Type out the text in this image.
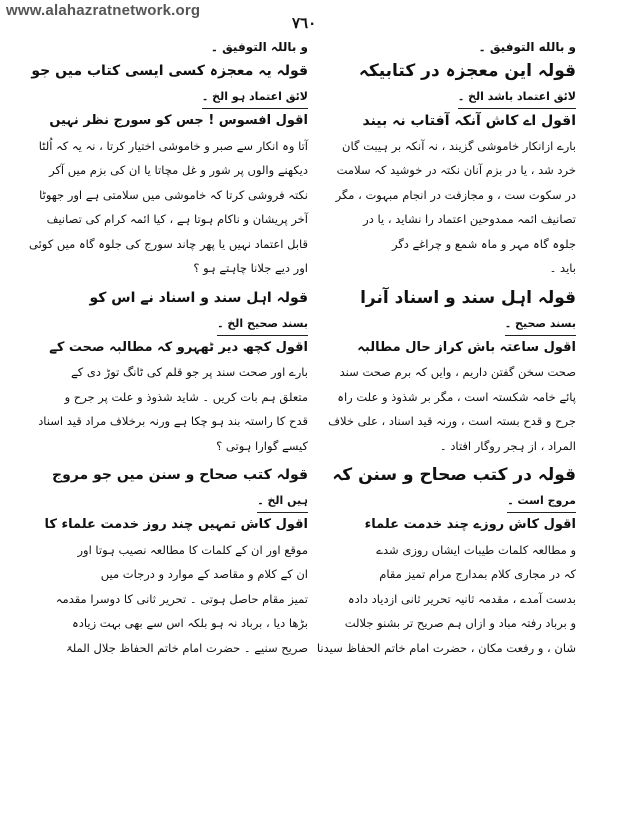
www.alahazratnetwork.org
٧٦٠
و بالله التوفیق ۔
قولہ این معجزہ در کتابیکہ
لائق اعتماد باشد الخ ۔
اقول اے کاش آنکہ آفتاب نہ بیند
بارے ازانکار خاموشی گزیند ، نہ آنکہ بر ہیبت گان
خرد شد ، یا در بزم آنان نکتہ در خوشید کہ سلامت
در سکوت ست ، و مجازفت در انجام مبہوت ، مگر
تصانیف ائمہ ممدوحین اعتماد را نشاید ، یا در
جلوہ گاہ مہر و ماہ شمع و چراغے دگر
باید ۔
قولہ اہل سند و اسناد آنرا
بسند صحیح ۔
اقول ساعتہ باش کراز حال مطالبہ
صحت سخن گفتن داریم ، وایں کہ برم صحت سند
پائے خامہ شکستہ است ، مگر بر شذوذ و علت راہ
جرح و قدح بستہ است ، ورنہ قید اسناد ، علی خلاف
المراد ، از ہجر روگار افتاد ۔
قولہ در کتب صحاح و سنن کہ
مروج است ۔
اقول کاش روزے چند خدمت علماء
و مطالعہ کلمات طیبات ایشاں روزی شدے
کہ در مجاری کلام بمدارج مرام تمیز مقام
بدست آمدے ، مقدمہ ثانیہ تحریر ثانی ازدیاد دادہ
و برباد رفتہ مباد و ازاں ہم صریح تر بشنو جلالت
شان ، و رفعت مکان ، حضرت امام خاتم الحفاظ سیدنا
و باللہ التوفیق ۔
قولہ یہ معجزہ کسی ایسی کتاب میں جو
لائق اعتماد ہو الخ ۔
اقول افسوس ! جس کو سورج نظر نہیں
آتا وہ انکار سے صبر و خاموشی اختیار کرتا ، نہ یہ کہ اُلٹا
دیکھنے والوں پر شور و غل مچاتا یا ان کی بزم میں آکر
نکتہ فروشی کرتا کہ خاموشی میں سلامتی ہے اور جھوٹا
آخر پریشان و ناکام ہوتا ہے ، کیا ائمہ کرام کی تصانیف
قابل اعتماد نہیں یا پھر چاند سورج کی جلوہ گاہ میں کوئی
اور دیے جلانا چاہتے ہو ؟
قولہ اہل سند و اسناد نے اس کو
بسند صحیح الخ ۔
اقول کچھ دیر ٹھہرو کہ مطالبہ صحت کے
بارے اور صحت سند پر جو قلم کی ٹانگ توڑ دی کے
متعلق ہم بات کریں ۔ شاید شذوذ و علت پر جرح و
قدح کا راستہ بند ہو چکا ہے ورنہ برخلاف مراد قید اسناد
کیسے گوارا ہوتی ؟
قولہ کتب صحاح و سنن میں جو مروج
ہیں الخ ۔
اقول کاش تمہیں چند روز خدمت علماء کا
موقع اور ان کے کلمات کا مطالعہ نصیب ہوتا اور
ان کے کلام و مقاصد کے موارد و درجات میں
تمیز مقام حاصل ہوتی ۔ تحریر ثانی کا دوسرا مقدمہ
بڑھا دیا ، برباد نہ ہو بلکہ اس سے بھی بہت زیادہ
صریح سنیے ۔ حضرت امام خاتم الحفاظ جلال الملۃ
